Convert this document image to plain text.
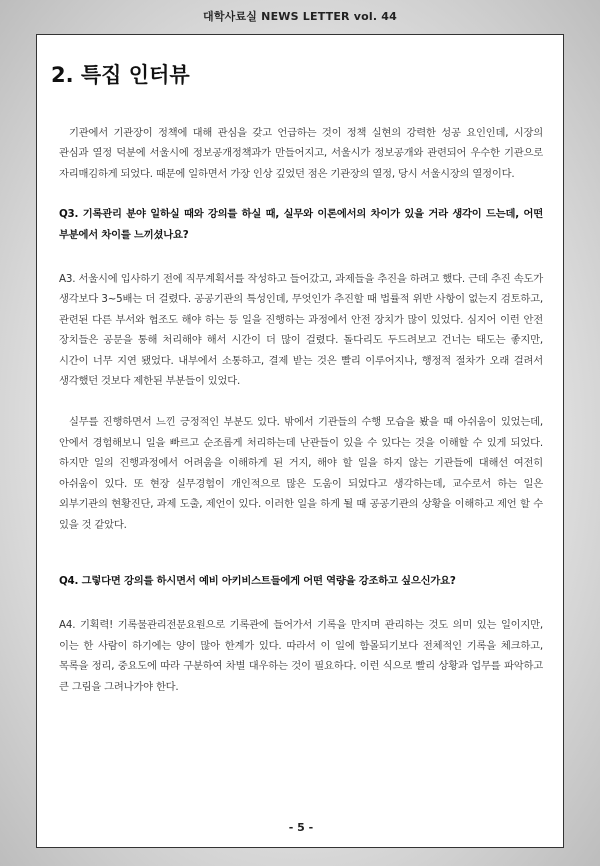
대학사료실 NEWS LETTER vol. 44
2. 특집 인터뷰

기관에서 기관장이 정책에 대해 관심을 갖고 언급하는 것이 정책 실현의 강력한 성공 요인인데, 시장의 관심과 열정 덕분에 서울시에 정보공개정책과가 만들어지고, 서울시가 정보공개와 관련되어 우수한 기관으로 자리매김하게 되었다. 때문에 일하면서 가장 인상 깊었던 점은 기관장의 열정, 당시 서울시장의 열정이다.

Q3. 기록관리 분야 일하실 때와 강의를 하실 때, 실무와 이론에서의 차이가 있을 거라 생각이 드는데, 어떤 부분에서 차이를 느끼셨나요?

A3. 서울시에 입사하기 전에 직무계획서를 작성하고 들어갔고, 과제들을 추진을 하려고 했다. 근데 추진 속도가 생각보다 3~5배는 더 걸렸다. 공공기관의 특성인데, 무엇인가 추진할 때 법률적 위반 사항이 없는지 검토하고, 관련된 다른 부서와 협조도 해야 하는 등 일을 진행하는 과정에서 안전 장치가 많이 있었다. 심지어 이런 안전 장치들은 공문을 통해 처리해야 해서 시간이 더 많이 걸렸다. 돌다리도 두드려보고 건너는 태도는 좋지만, 시간이 너무 지연 됐었다. 내부에서 소통하고, 결제 받는 것은 빨리 이루어지나, 행정적 절차가 오래 걸려서 생각했던 것보다 제한된 부분들이 있었다.

실무를 진행하면서 느낀 긍정적인 부분도 있다. 밖에서 기관들의 수행 모습을 봤을 때 아쉬움이 있었는데, 안에서 경험해보니 일을 빠르고 순조롭게 처리하는데 난관들이 있을 수 있다는 것을 이해할 수 있게 되었다. 하지만 일의 진행과정에서 어려움을 이해하게 된 거지, 해야 할 일을 하지 않는 기관들에 대해선 여전히 아쉬움이 있다. 또 현장 실무경험이 개인적으로 많은 도움이 되었다고 생각하는데, 교수로서 하는 일은 외부기관의 현황진단, 과제 도출, 제언이 있다. 이러한 일을 하게 될 때 공공기관의 상황을 이해하고 제언 할 수 있을 것 같았다.

Q4. 그렇다면 강의를 하시면서 예비 아키비스트들에게 어떤 역량을 강조하고 싶으신가요?

A4. 기획력! 기록물관리전문요원으로 기록관에 들어가서 기록을 만지며 관리하는 것도 의미 있는 일이지만, 이는 한 사람이 하기에는 양이 많아 한계가 있다. 따라서 이 일에 함몰되기보다 전체적인 기록을 체크하고, 목록을 정리, 중요도에 따라 구분하여 차별 대우하는 것이 필요하다. 이런 식으로 빨리 상황과 업무를 파악하고 큰 그림을 그려나가야 한다.

- 5 -
